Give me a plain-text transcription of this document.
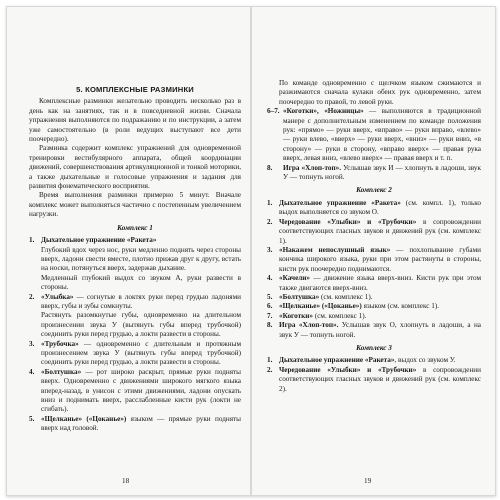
5. КОМПЛЕКСНЫЕ РАЗМИНКИ

Комплексные разминки желательно проводить несколько раз в день как на занятиях, так и в повседневной жизни. Сначала упражнения выполняются по подражанию и по инструкции, а затем уже самостоятельно (в роли ведущих выступают все дети поочередно).

Разминка содержит комплекс упражнений для одновременной тренировки вестибулярного аппарата, общей координации движений, совершенствования артикуляционной и тонкой моторики, а также дыхательные и голосовые упражнения и задания для развития фонематического восприятия.

Время выполнения разминки примерно 5 минут. Вначале комплекс может выполняться частично с постепенным увеличением нагрузки.

Комплекс 1

1. Дыхательное упражнение «Ракета»

Глубокий вдох через нос, руки медленно поднять через стороны вверх, ладони свести вместе, плотно прижав друг к другу, встать на носки, потянуться вверх, задержав дыхание.

Медленный глубокий выдох со звуком А, руки развести в стороны.

2. «Улыбка» — согнутые в локтях руки перед грудью ладонями вверх, губы и зубы сомкнуты.

Растянуть разомкнутые губы, одновременно на длительном произнесении звука У (вытянуть губы вперед трубочкой) соединить руки перед грудью, а локти развести в стороны.

3. «Трубочка» — одновременно с длительным и протяжным произнесением звука У (вытянуть губы вперед трубочкой) соединить руки перед грудью, а локти развести в стороны.
4. «Болтушка» — рот широко раскрыт, прямые руки подняты вверх. Одновременно с движениями широкого мягкого языка вперед-назад, в унисон с этими движениями, ладони опускать вниз и поднимать вверх, расслабленные кисти рук (локти не сгибать).
5. «Щелканье» («Цоканье») языком — прямые руки подняты вверх над головой.
18

По команде одновременно с щелчком языком сжимаются и разжимаются сначала кулаки обеих рук одновременно, затем поочередно то правой, то левой руки.

6–7. «Коготки», «Ножницы» — выполняются в традиционной манере с дополнительным изменением по команде положения рук: «прямо» — руки вверх, «вправо» — руки вправо, «влево» — руки влево, «вверх» — руки вверх, «вниз» — руки вниз, «в сторону» — руки в сторону, «вправо вверх» — правая рука вверх, левая вниз, «влево вверх» — правая вверх и т. п.
8. Игра «Хлоп-топ». Услышав звук И — хлопнуть в ладоши, звук У — топнуть ногой.

Комплекс 2

1. Дыхательное упражнение «Ракета» (см. компл. 1), только выдох выполняется со звуком О.
2. Чередование «Улыбки» и «Трубочки» в сопровождении соответствующих гласных звуков и движений рук (см. комплекс 1).
3. «Накажем непослушный язык» — похлопывание губами кончика широкого языка, руки при этом растянуты в стороны, кисти рук поочередно поднимаются.
4. «Качели» — движение языка вверх-вниз. Кисти рук при этом также двигаются вверх-вниз.
5. «Болтушка» (см. комплекс 1).
6. «Щелканье» («Цоканье») языком (см. комплекс 1).
7. «Коготки» (см. комплекс 1).
8. Игра «Хлоп-топ». Услышав звук О, хлопнуть в ладоши, а на звук У — топнуть ногой.

Комплекс 3

1. Дыхательное упражнение «Ракета», выдох со звуком У.
2. Чередование «Улыбки» и «Трубочки» в сопровождении соответствующих гласных звуков и движений рук (см. комплекс 2).
19
